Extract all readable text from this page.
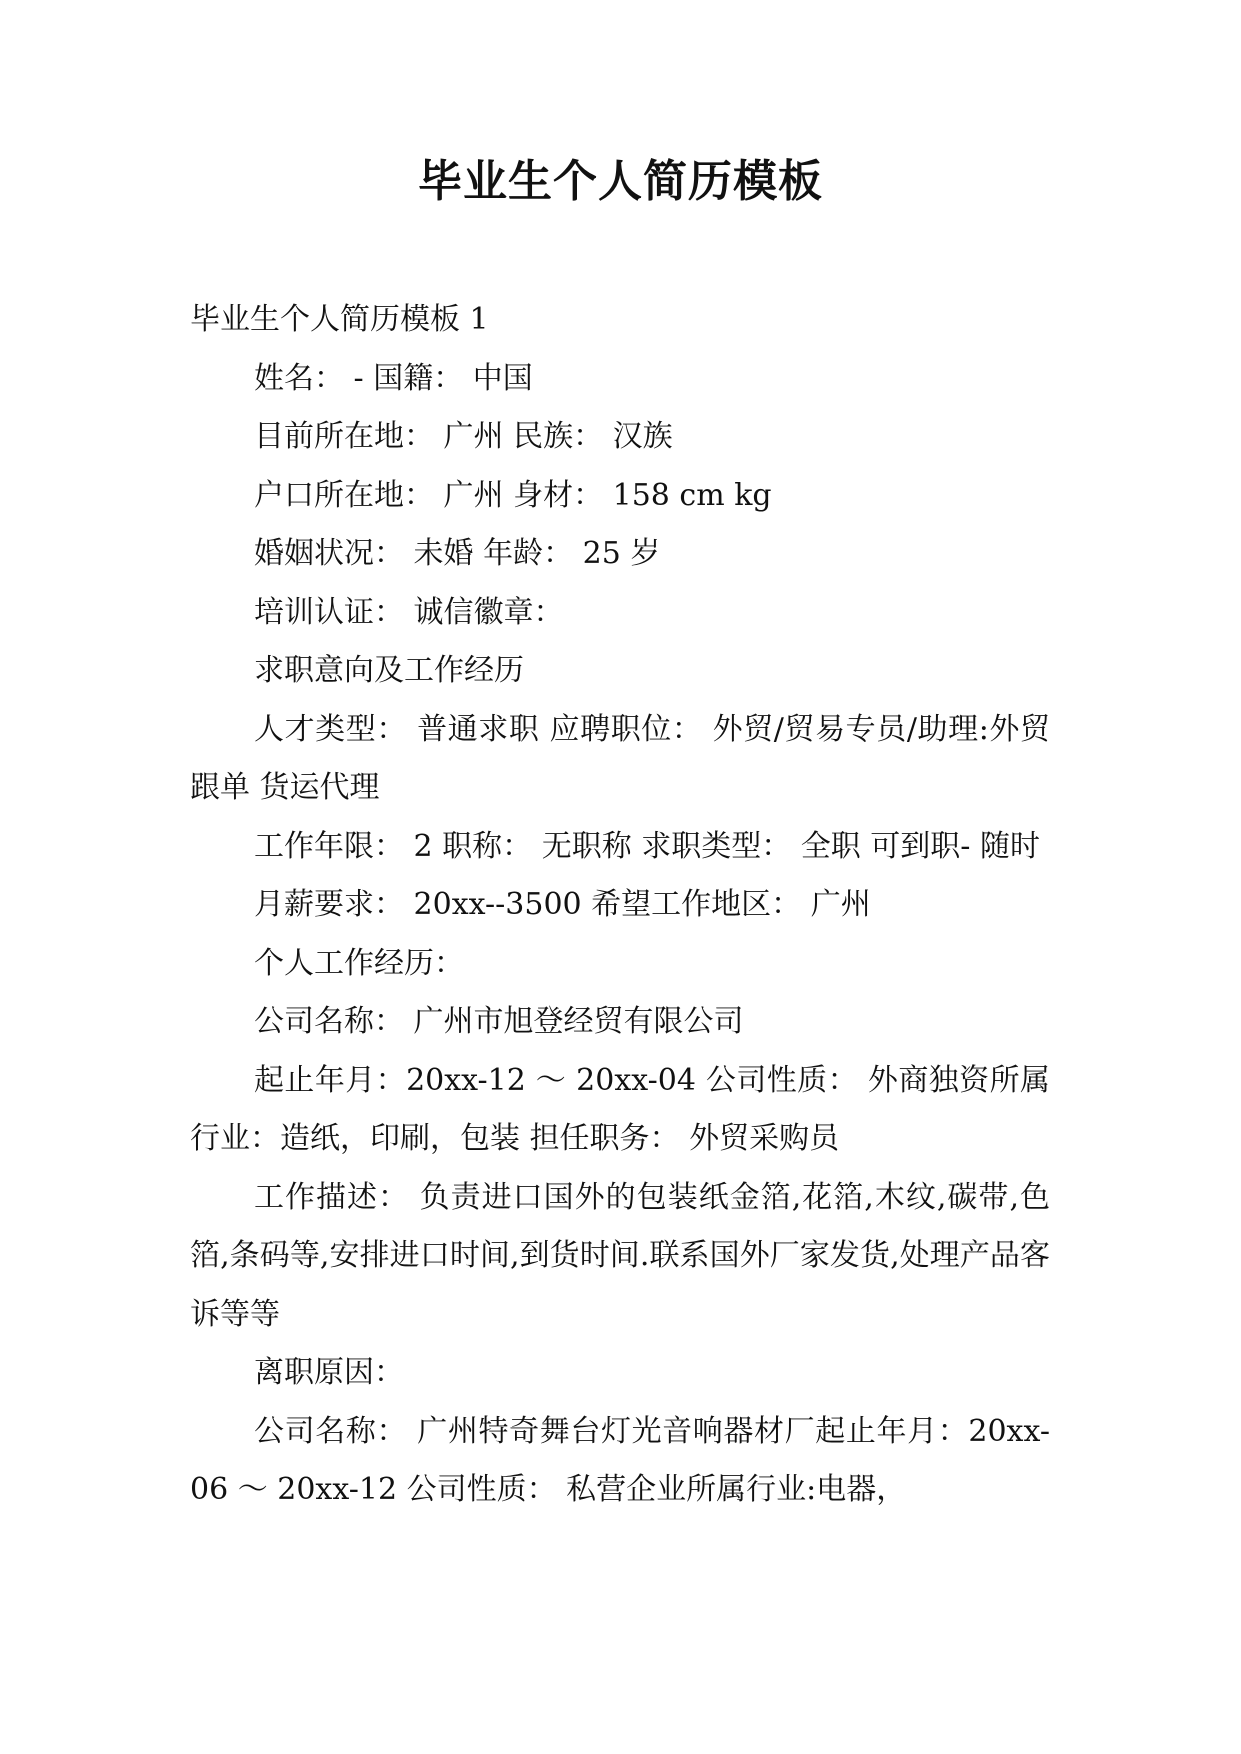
毕业生个人简历模板

毕业生个人简历模板 1

姓名： - 国籍： 中国

目前所在地： 广州 民族： 汉族

户口所在地： 广州 身材： 158 cm kg

婚姻状况： 未婚 年龄： 25 岁

培训认证： 诚信徽章：

求职意向及工作经历

人才类型： 普通求职 应聘职位： 外贸/贸易专员/助理:外贸跟单 货运代理

工作年限： 2 职称： 无职称 求职类型： 全职 可到职- 随时

月薪要求： 20xx--3500 希望工作地区： 广州

个人工作经历：

公司名称： 广州市旭登经贸有限公司

起止年月：20xx-12 ～ 20xx-04 公司性质： 外商独资所属行业：造纸，印刷，包装 担任职务： 外贸采购员

工作描述： 负责进口国外的包装纸金箔,花箔,木纹,碳带,色箔,条码等,安排进口时间,到货时间.联系国外厂家发货,处理产品客诉等等

离职原因：

公司名称： 广州特奇舞台灯光音响器材厂起止年月：20xx-06 ～ 20xx-12 公司性质： 私营企业所属行业:电器，
